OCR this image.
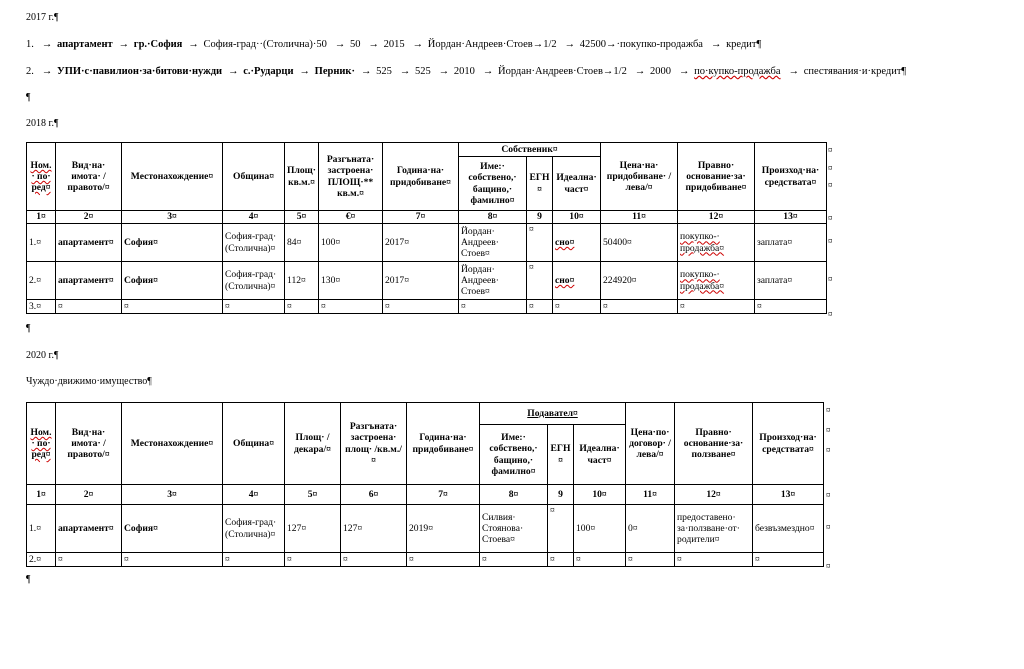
2017 г.¶
1. → апартамент → гр.·София → София-град··(Столична)·50 → 50 → 2015 → Йордан·Андреев·Стоев→1/2 → 42500→·покупко-продажба → кредит¶
2. → УПИ·с·павилион·за·битови·нужди → с.·Рударци → Перник· → 525 → 525 → 2010 → Йордан·Андреев·Стоев→1/2 → 2000 → по·купко-продажба → спестявания·и·кредит¶
¶
2018 г.¶
Ном.· по· ред¤	Вид·на· имота· /правото/¤	Местонахождение¤	Община¤	Площ· кв.м.¤	Разгъната· застроена· ПЛОЩ·** кв.м.¤	Година·на· придобиване¤	Собственик¤			Цена·на· придобиване· /лева/¤	Правно· основание·за· придобиване¤	Произход·на· средствата¤
							Име:· собствено,· бащино,· фамилно¤	ЕГН¤	Идеална· част¤			
1¤	2¤	3¤	4¤	5¤	€¤	7¤	8¤	9	10¤	11¤	12¤	13¤
1.¤	апартамент¤	София¤	София-град· (Столична)¤	84¤	100¤	2017¤	Йордан· Андреев· Стоев¤	¤	сно¤	50400¤	покупко-· продажба¤	заплата¤
2.¤	апартамент¤	София¤	София-град· (Столична)¤	112¤	130¤	2017¤	Йордан· Андреев· Стоев¤	¤	сно¤	224920¤	покупко-· продажба¤	заплата¤
3.¤	¤	¤	¤	¤	¤	¤	¤	¤	¤	¤	¤	¤
¤
¤
¤
¤
¤
¤
¤
¶
2020 г.¶
Чуждо·движимо·имущество¶
Ном.· по· ред¤	Вид·на· имота· /правото/¤	Местонахождение¤	Община¤	Площ· /декара/¤	Разгъната· застроена· площ· /кв.м./¤	Година·на· придобиване¤	Подавател¤			Цена·по· договор· /лева/¤	Правно· основание·за· ползване¤	Произход·на· средствата¤
							Име:· собствено,· бащино,· фамилно¤	ЕГН¤	Идеална· част¤			
1¤	2¤	3¤	4¤	5¤	6¤	7¤	8¤	9	10¤	11¤	12¤	13¤
1.¤	апартамент¤	София¤	София-град· (Столична)¤	127¤	127¤	2019¤	Силвия· Стоянова· Стоева¤	¤	100¤	0¤	предоставено· за·ползване·от· родители¤	безвъзмездно¤
2.¤	¤	¤	¤	¤	¤	¤	¤	¤	¤	¤	¤	¤
¤
¤
¤
¤
¤
¤
¶
